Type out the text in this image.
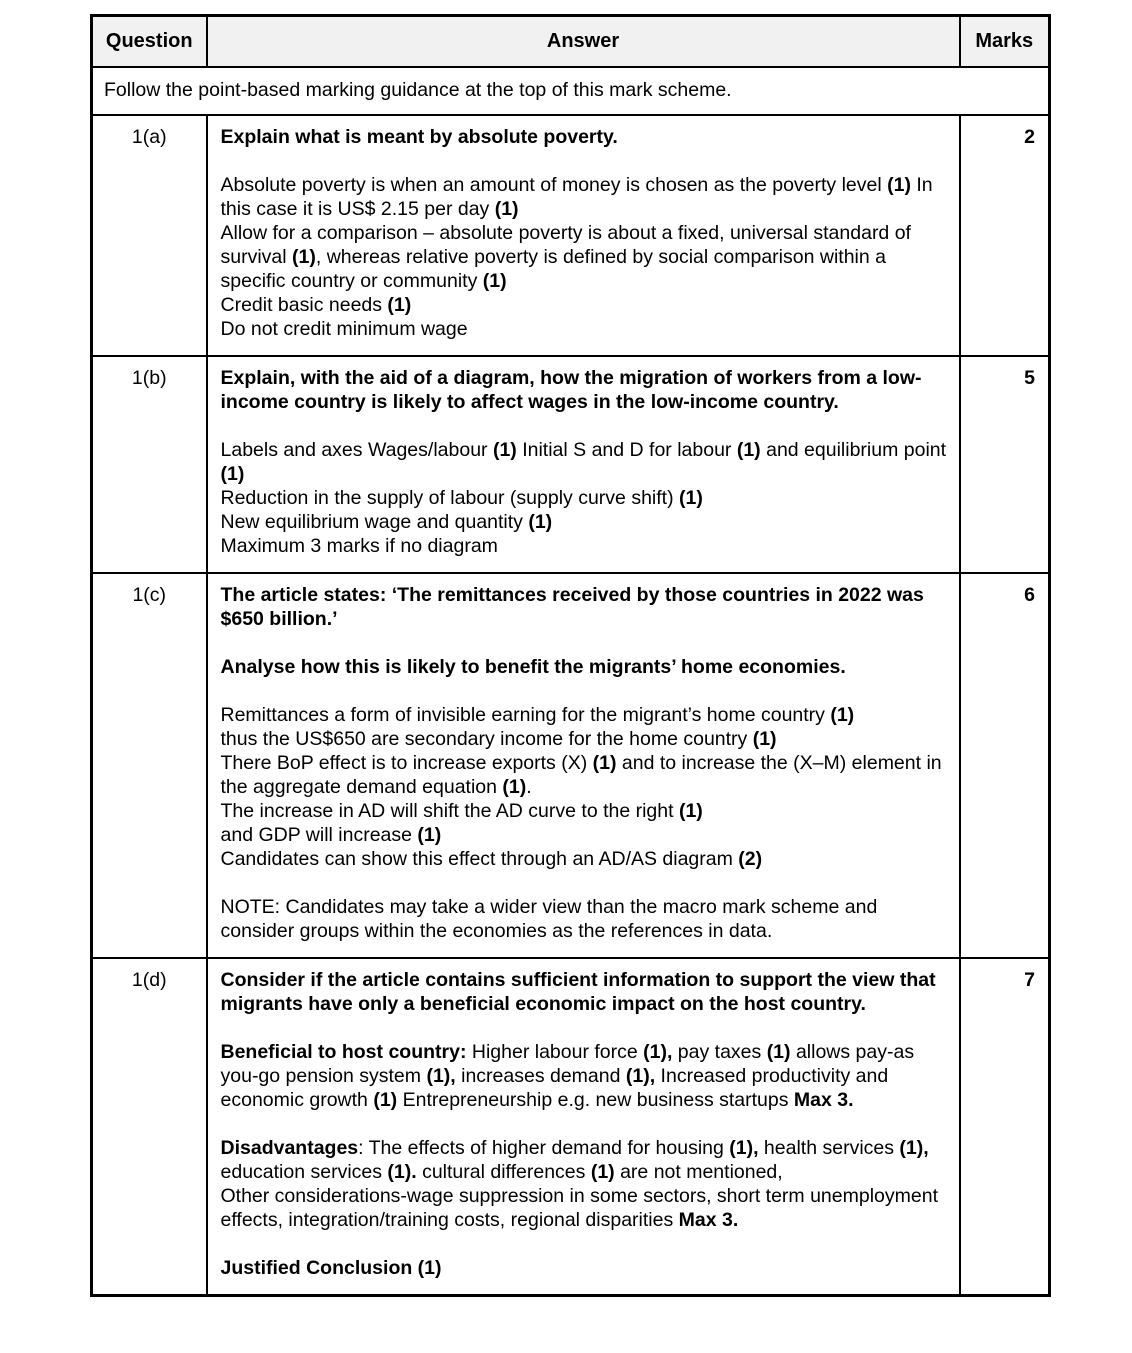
Question	Answer	Marks
Follow the point-based marking guidance at the top of this mark scheme.		
1(a)	Explain what is meant by absolute poverty.
Absolute poverty is when an amount of money is chosen as the poverty level (1) In this case it is US$ 2.15 per day (1)
Allow for a comparison – absolute poverty is about a fixed, universal standard of survival (1), whereas relative poverty is defined by social comparison within a specific country or community (1)
Credit basic needs (1)
Do not credit minimum wage	2
1(b)	Explain, with the aid of a diagram, how the migration of workers from a low-income country is likely to affect wages in the low-income country.
Labels and axes Wages/labour (1) Initial S and D for labour (1) and equilibrium point (1)
Reduction in the supply of labour (supply curve shift) (1)
New equilibrium wage and quantity (1)
Maximum 3 marks if no diagram	5
1(c)	The article states: ‘The remittances received by those countries in 2022 was $650 billion.’
Analyse how this is likely to benefit the migrants’ home economies.
Remittances a form of invisible earning for the migrant’s home country (1)
thus the US$650 are secondary income for the home country (1)
There BoP effect is to increase exports (X) (1) and to increase the (X–M) element in the aggregate demand equation (1).
The increase in AD will shift the AD curve to the right (1)
and GDP will increase (1)
Candidates can show this effect through an AD/AS diagram (2)
NOTE: Candidates may take a wider view than the macro mark scheme and consider groups within the economies as the references in data.
	6
1(d)	Consider if the article contains sufficient information to support the view that migrants have only a beneficial economic impact on the host country.
Beneficial to host country: Higher labour force (1), pay taxes (1) allows pay-as you-go pension system (1), increases demand (1), Increased productivity and economic growth (1) Entrepreneurship e.g. new business startups Max 3.
Disadvantages: The effects of higher demand for housing (1), health services (1), education services (1). cultural differences (1) are not mentioned,
Other considerations-wage suppression in some sectors, short term unemployment effects, integration/training costs, regional disparities Max 3.
Justified Conclusion (1)	7
